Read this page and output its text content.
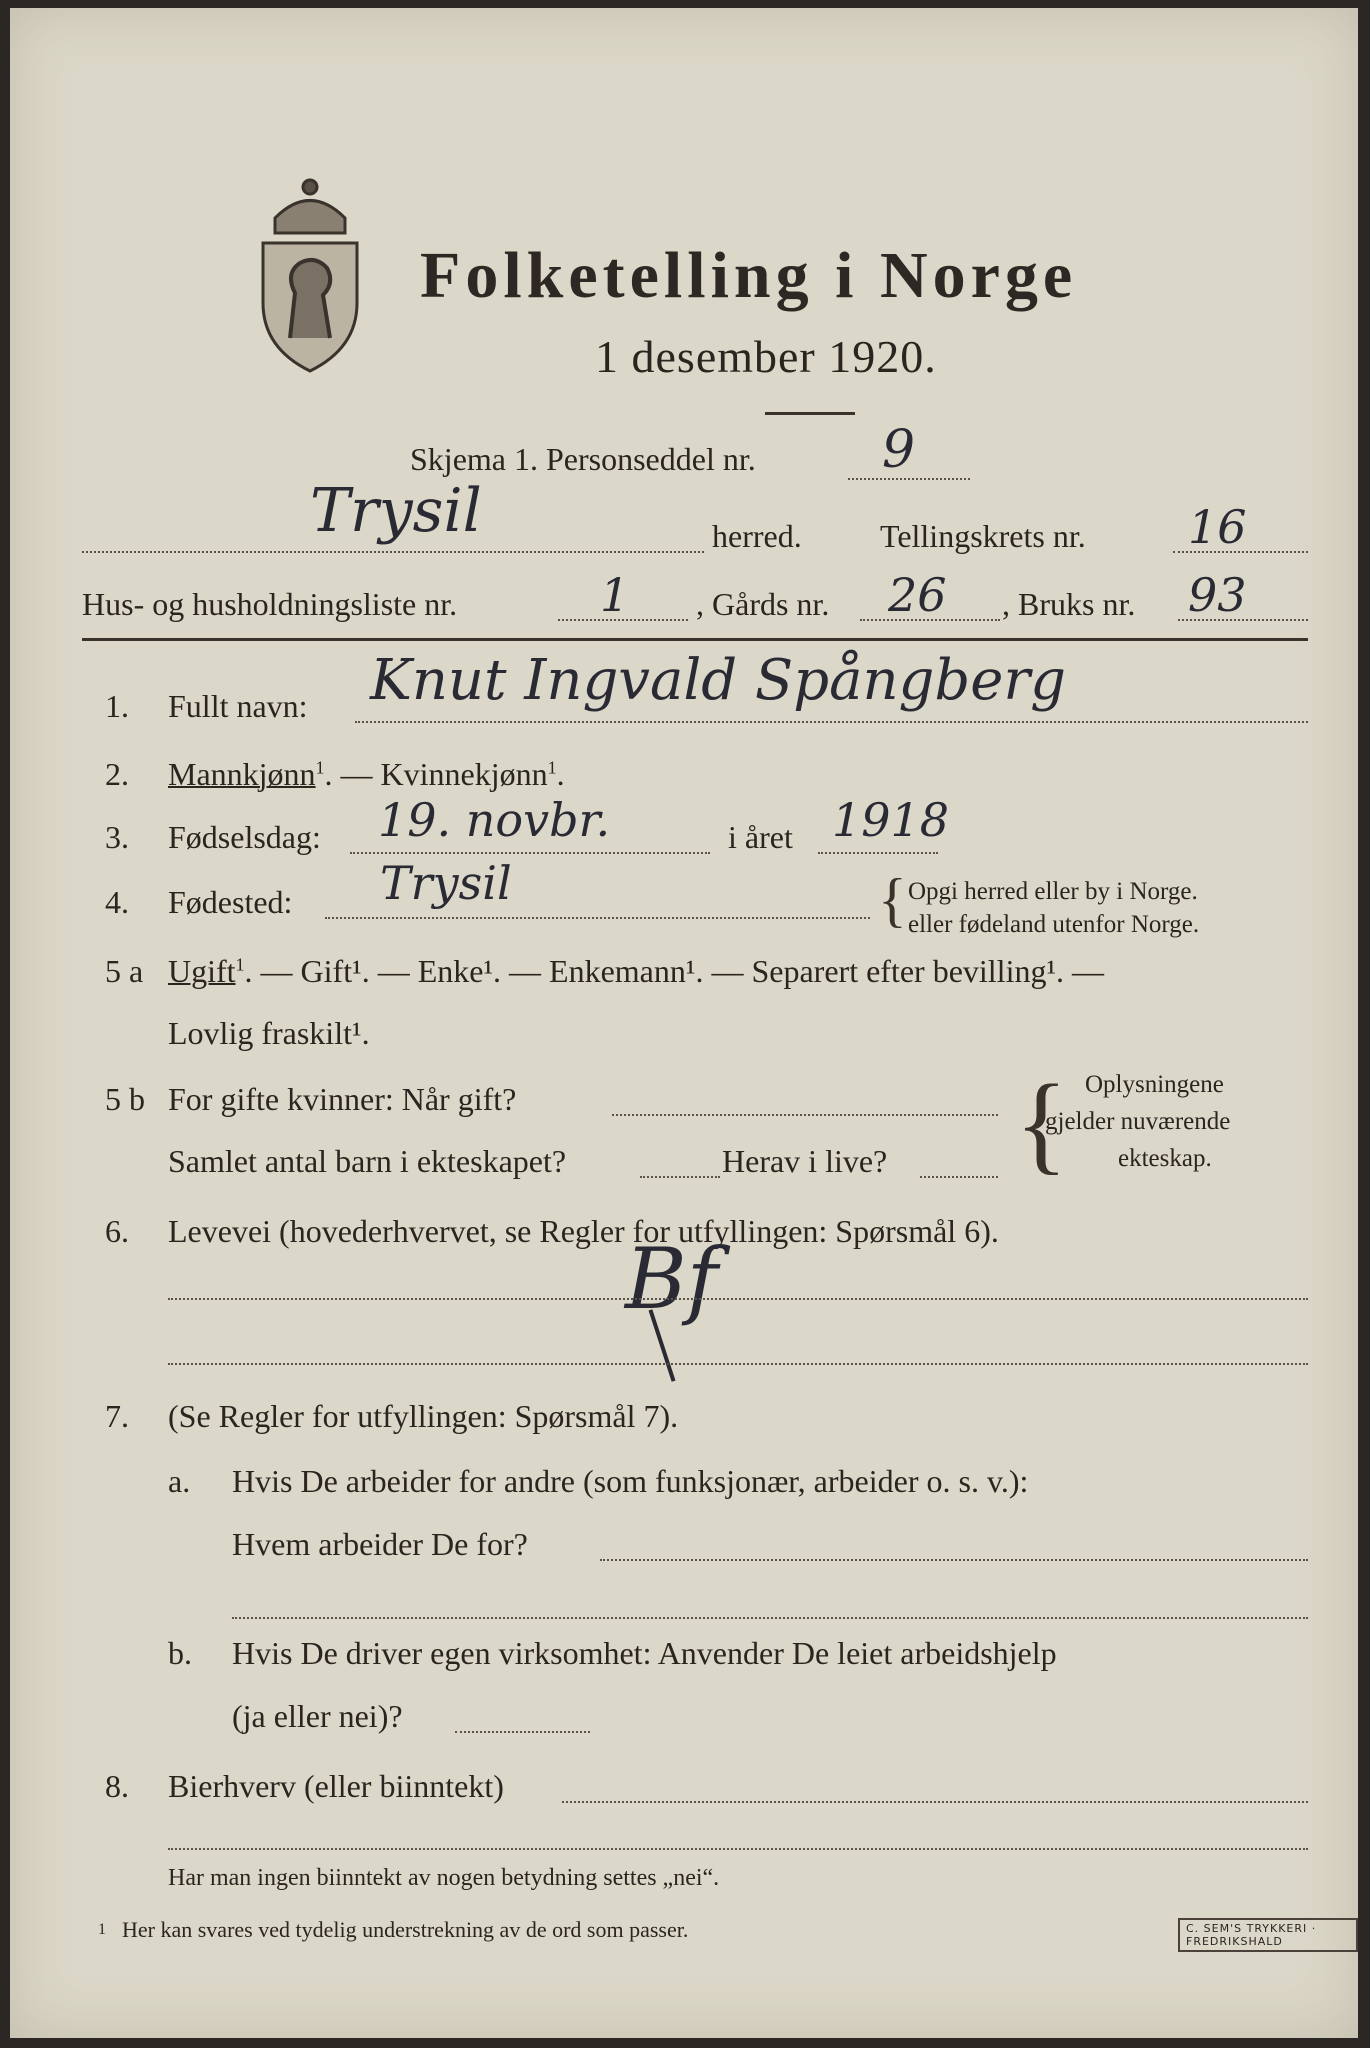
Folketelling i Norge
1 desember 1920.
Skjema 1. Personseddel nr. 9
Trysil	herred. Tellingskrets nr. 16
Hus- og husholdningsliste nr.	1 , Gårds nr. 26 , Bruks nr. 93
1. Fullt navn: Knut Ingvald Spångberg
2. Mannkjønn$^1$. — Kvinnekjønn$^1$.
3. Fødselsdag: 19. novbr.	i året 1918
4. Fødested: Trysil	{ Opgi herred eller by i Norge.
eller fødeland utenfor Norge.
5 a Ugift$^1$. — Gift¹. — Enke¹. — Enkemann¹. — Separert efter bevilling¹. —
Lovlig fraskilt¹.
5 b For gifte kvinner: Når gift?
Samlet antal barn i ekteskapet?	Herav i live? { Oplysningene
gjelder nuværende
ekteskap.
6. Levevei (hovederhvervet, se Regler for utfyllingen: Spørsmål 6).
Bf
7. (Se Regler for utfyllingen: Spørsmål 7).
a. Hvis De arbeider for andre (som funksjonær, arbeider o. s. v.):
Hvem arbeider De for?
b. Hvis De driver egen virksomhet: Anvender De leiet arbeidshjelp
(ja eller nei)?
8. Bierhverv (eller biinntekt)
Har man ingen biinntekt av nogen betydning settes „nei“.
1 Her kan svares ved tydelig understrekning av de ord som passer.	C. SEM'S TRYKKERI · FREDRIKSHALD
